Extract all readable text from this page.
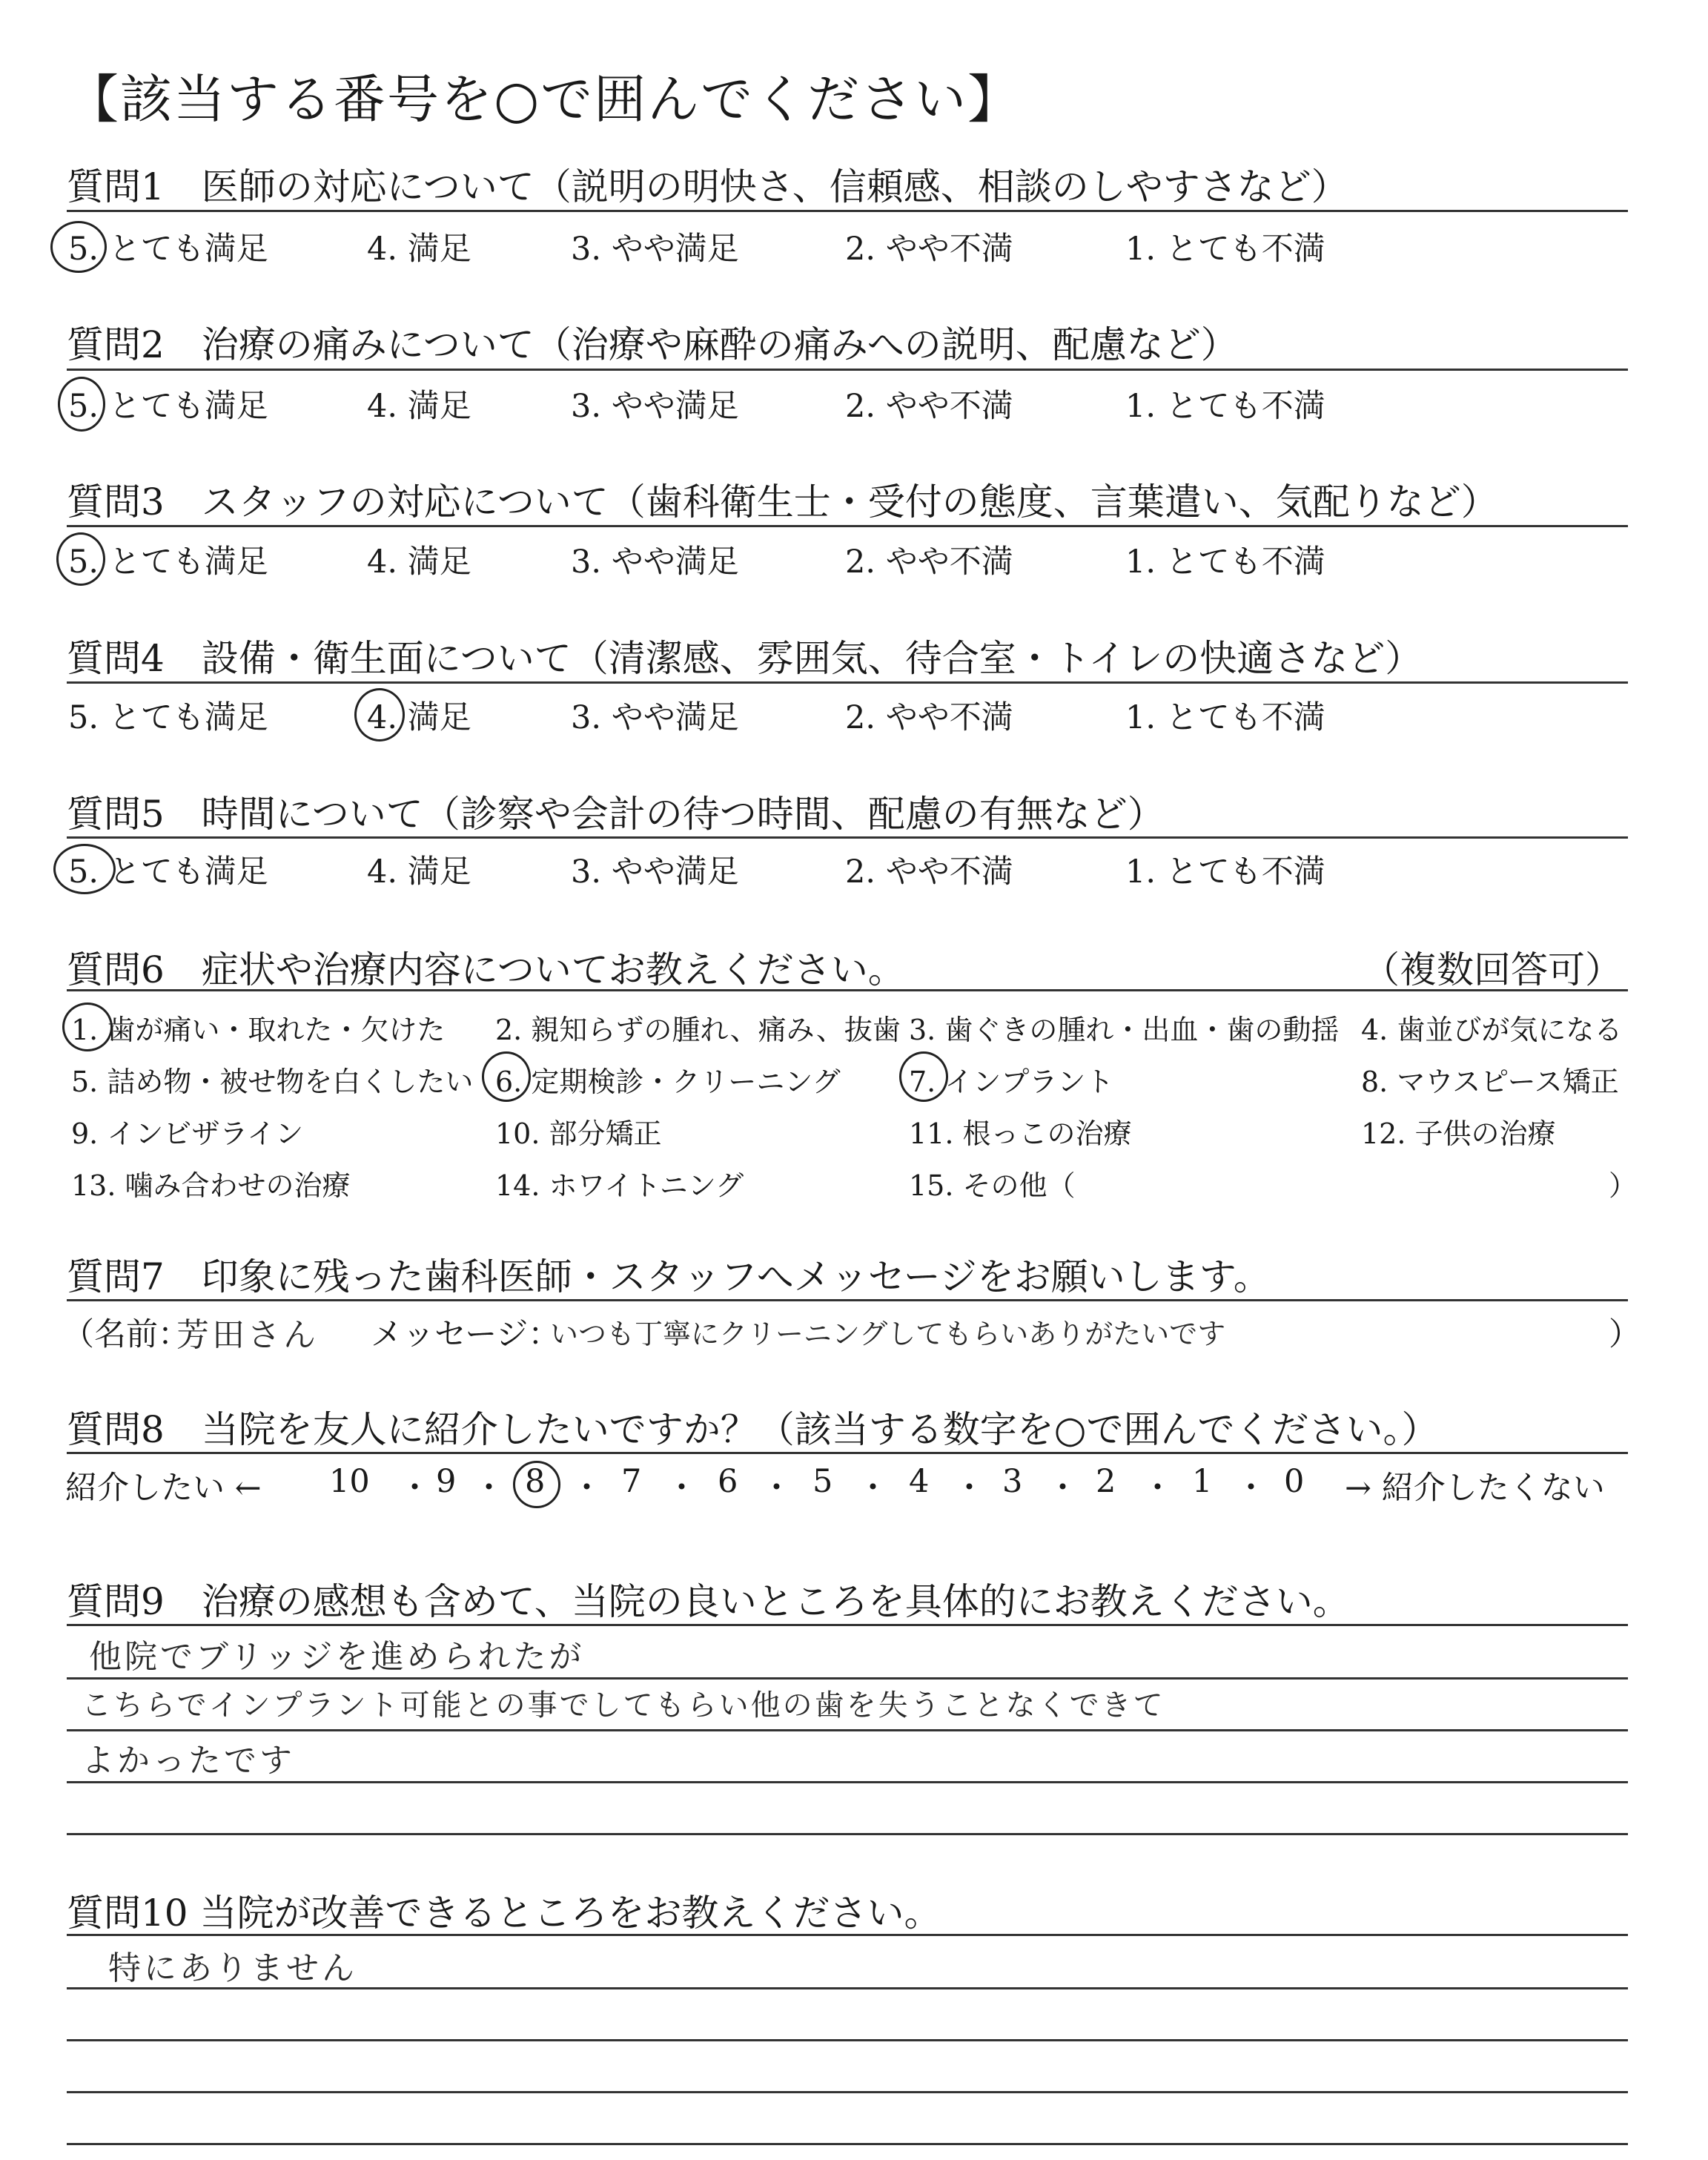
【該当する番号を○で囲んでください】
質問1　医師の対応について（説明の明快さ、信頼感、相談のしやすさなど）
5. とても満足	4. 満足	3. やや満足	2. やや不満	1. とても不満
質問2　治療の痛みについて（治療や麻酔の痛みへの説明、配慮など）
5. とても満足	4. 満足	3. やや満足	2. やや不満	1. とても不満
質問3　スタッフの対応について（歯科衛生士・受付の態度、言葉遣い、気配りなど）
5. とても満足	4. 満足	3. やや満足	2. やや不満	1. とても不満
質問4　設備・衛生面について（清潔感、雰囲気、待合室・トイレの快適さなど）
5. とても満足	4. 満足	3. やや満足	2. やや不満	1. とても不満
質問5　時間について（診察や会計の待つ時間、配慮の有無など）
5. とても満足	4. 満足	3. やや満足	2. やや不満	1. とても不満
質問6　症状や治療内容についてお教えください。	（複数回答可）
1. 歯が痛い・取れた・欠けた 2. 親知らずの腫れ、痛み、抜歯 3. 歯ぐきの腫れ・出血・歯の動揺 4. 歯並びが気になる
5. 詰め物・被せ物を白くしたい 6. 定期検診・クリーニング 7. インプラント	8. マウスピース矯正
9. インビザライン	10. 部分矯正	11. 根っこの治療	12. 子供の治療
13. 噛み合わせの治療	14. ホワイトニング	15. その他（	）
質問7　印象に残った歯科医師・スタッフへメッセージをお願いします。
（名前：
芳田さん メッセージ：
いつも丁寧にクリーニングしてもらいありがたいです	）
質問8　当院を友人に紹介したいですか？（該当する数字を○で囲んでください。）
紹介したい ← 10 ・ 9 ・ 8 ・ 7 ・ 6 ・ 5 ・ 4 ・ 3 ・ 2 ・ 1 ・ 0 → 紹介したくない
質問9　治療の感想も含めて、当院の良いところを具体的にお教えください。
他院でブリッジを進められたが
こちらでインプラント可能との事でしてもらい他の歯を失うことなくできて
よかったです
質問10 当院が改善できるところをお教えください。
特にありません
